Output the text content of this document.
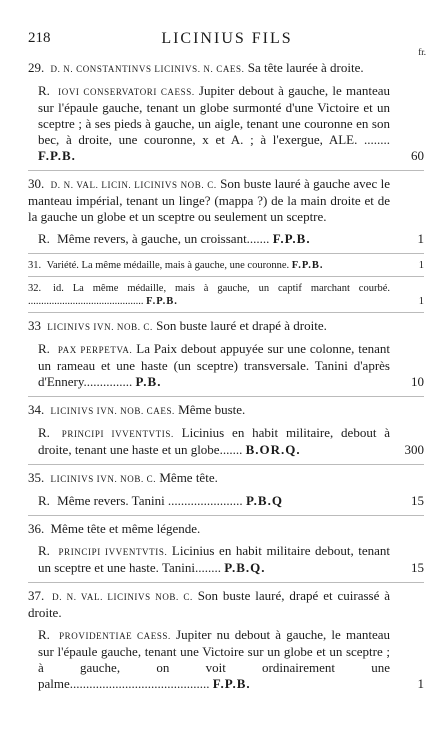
218	LICINIUS FILS
fr.
29. D. N. CONSTANTINVS LICINIVS. N. CAES. Sa tête laurée à droite.
R. IOVI CONSERVATORI CAESS. Jupiter debout à gauche, le manteau sur l'épaule gauche, tenant un globe surmonté d'une Victoire et un sceptre ; à ses pieds à gauche, un aigle, tenant une couronne en son bec, à droite, une couronne, x et A. ; à l'exergue, ALE. ........ F.P.B.	60
30. D. N. VAL. LICIN. LICINIVS NOB. C. Son buste lauré à gauche avec le manteau impérial, tenant un linge? (mappa ?) de la main droite et de la gauche un globe et un sceptre ou seulement un sceptre.
R. Même revers, à gauche, un croissant....... F.P.B.	1
31. Variété. La même médaille, mais à gauche, une couronne. F.P.B.	1
32. id. La même médaille, mais à gauche, un captif marchant courbé. ............................................ F.P.B.	1
33 LICINIVS IVN. NOB. C. Son buste lauré et drapé à droite.
R. PAX PERPETVA. La Paix debout appuyée sur une colonne, tenant un rameau et une haste (un sceptre) transversale. Tanini d'après d'Ennery............... P.B.	10
34. LICINIVS IVN. NOB. CAES. Même buste.
R. PRINCIPI IVVENTVTIS. Licinius en habit militaire, debout à droite, tenant une haste et un globe....... B.OR.Q.	300
35. LICINIVS IVN. NOB. C. Même tête.
R. Même revers. Tanini ....................... P.B.Q	15
36. Même tête et même légende.
R. PRINCIPI IVVENTVTIS. Licinius en habit militaire debout, tenant un sceptre et une haste. Tanini........ P.B.Q.	15
37. D. N. VAL. LICINIVS NOB. C. Son buste lauré, drapé et cuirassé à droite.
R. PROVIDENTIAE CAESS. Jupiter nu debout à gauche, le manteau sur l'épaule gauche, tenant une Victoire sur un globe et un sceptre ; à gauche, on voit ordinairement une palme........................................... F.P.B.	1
